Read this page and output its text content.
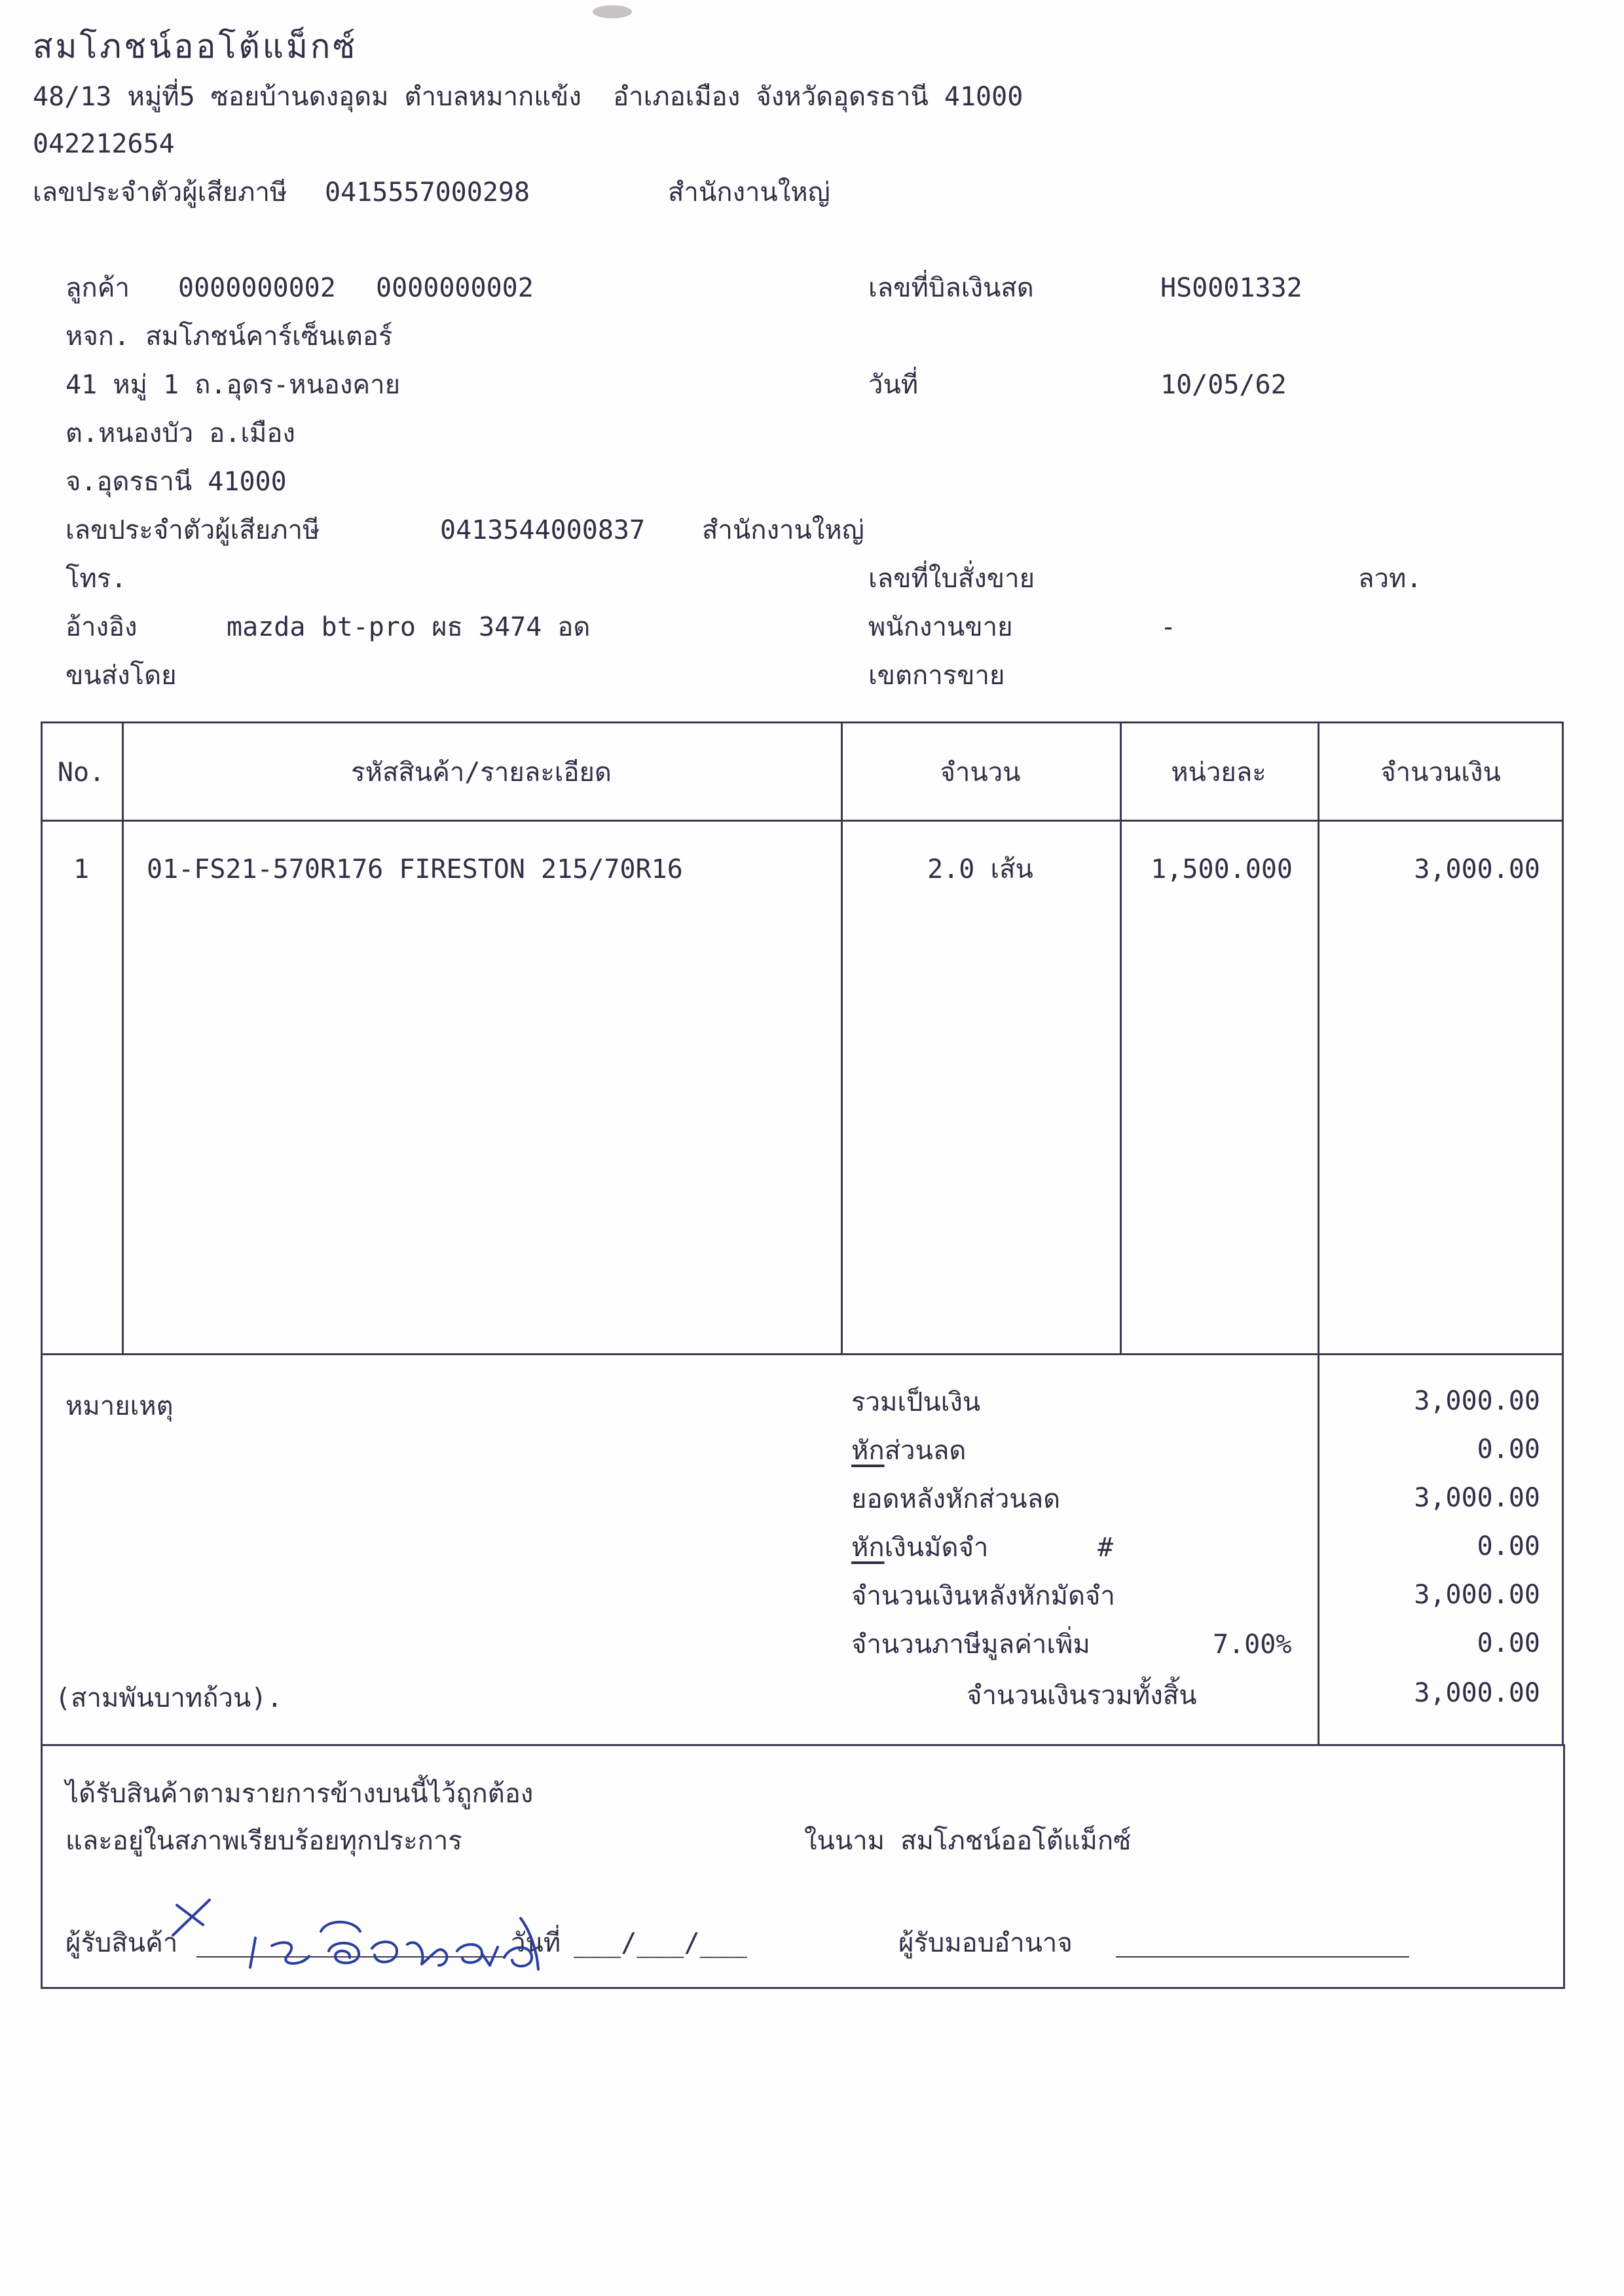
สมโภชน์ออโต้แม็กซ์
48/13 หมู่ที่5 ซอยบ้านดงอุดม ตำบลหมากแข้ง  อำเภอเมือง จังหวัดอุดรธานี 41000
042212654
เลขประจำตัวผู้เสียภาษี 0415557000298	สำนักงานใหญ่
ลูกค้า 0000000002 0000000002
หจก. สมโภชน์คาร์เซ็นเตอร์
41 หมู่ 1 ถ.อุดร-หนองคาย
ต.หนองบัว อ.เมือง
จ.อุดรธานี 41000
เลขประจำตัวผู้เสียภาษี	0413544000837 สำนักงานใหญ่
โทร.
อ้างอิง	mazda bt-pro ผธ 3474 อด
ขนส่งโดย
เลขที่บิลเงินสด	HS0001332
วันที่	10/05/62
เลขที่ใบสั่งขาย	ลวท.
พนักงานขาย	-
เขตการขาย
No.	รหัสสินค้า/รายละเอียด	จำนวน	หน่วยละ	จำนวนเงิน
1	01-FS21-570R176 FIRESTON 215/70R16	2.0 เส้น	1,500.000	3,000.00
หมายเหตุ	รวมเป็นเงิน	3,000.00
หักส่วนลด	0.00
ยอดหลังหักส่วนลด	3,000.00
หักเงินมัดจำ	#	0.00
จำนวนเงินหลังหักมัดจำ	3,000.00
จำนวนภาษีมูลค่าเพิ่ม	7.00%	0.00
(สามพันบาทถ้วน).	จำนวนเงินรวมทั้งสิ้น	3,000.00
ได้รับสินค้าตามรายการข้างบนนี้ไว้ถูกต้อง
และอยู่ในสภาพเรียบร้อยทุกประการ	ในนาม สมโภชน์ออโต้แม็กซ์
ผู้รับสินค้า	วันที่ ___/___/___	ผู้รับมอบอำนาจ
